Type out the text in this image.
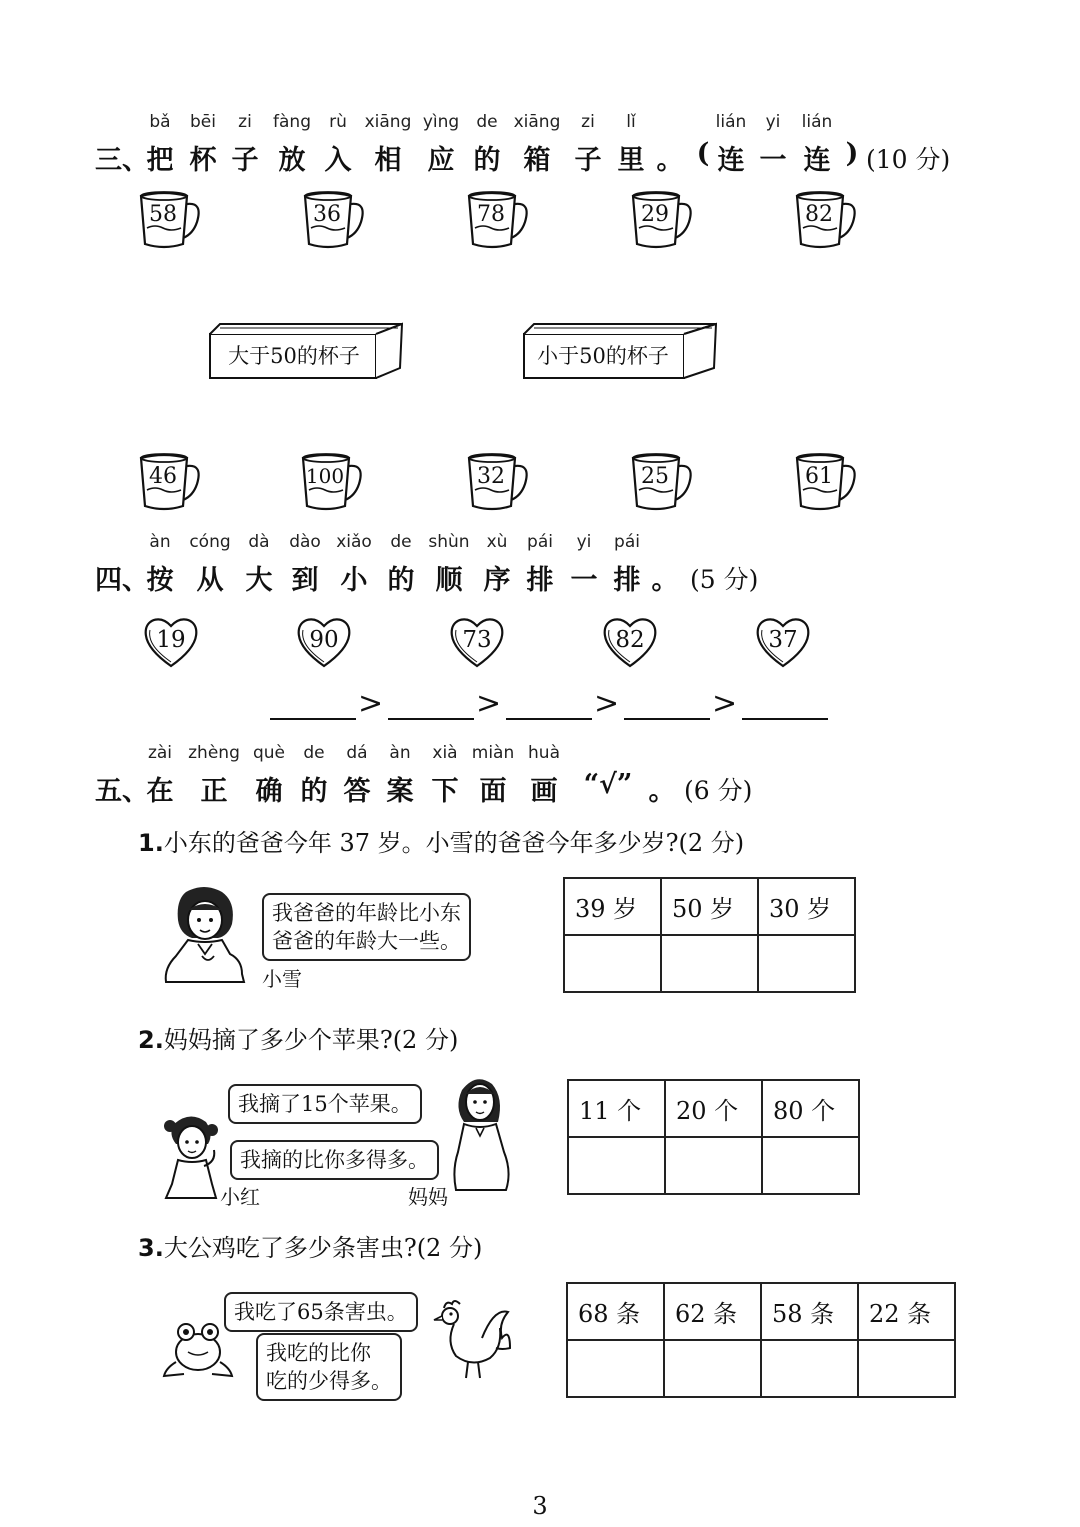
bǎ bēi zi fàng rù xiāng yìng de xiāng zi lǐ	lián yi lián
三、
把 杯 子 放 入 相 应 的 箱 子 里 。 ( 连 一 连 ) (10 分)
58	36	78	29	82
大于50的杯子	小于50的杯子
46	100	32	25	61
àn cóng dà dào xiǎo de shùn xù pái yi pái
四、
按 从 大 到 小 的 顺 序 排 一 排 。 (5 分)
19	90	73	82	37
>	>	>	>
zài zhèng què de dá àn xià miàn huà
五、
在 正 确 的 答 案 下 面 画 “√” 。 (6 分)
1.小东的爸爸今年 37 岁。小雪的爸爸今年多少岁?(2 分)
我爸爸的年龄比小东
爸爸的年龄大一些。
小雪
39 岁	50 岁	30 岁

2.妈妈摘了多少个苹果?(2 分)
我摘了15个苹果。
我摘的比你多得多。
小红	妈妈
11 个	20 个	80 个

3.大公鸡吃了多少条害虫?(2 分)
我吃了65条害虫。
我吃的比你
吃的少得多。
68 条	62 条	58 条	22 条

3
